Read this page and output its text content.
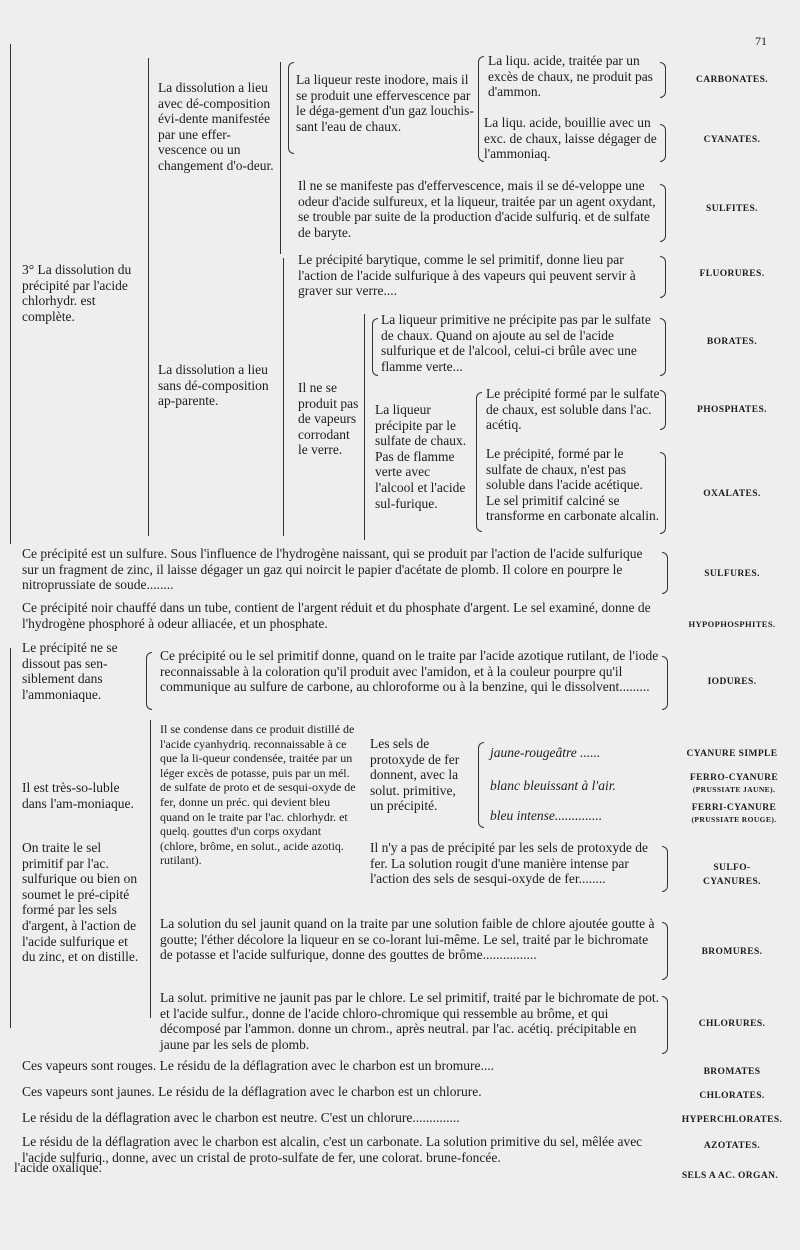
71
La dissolution a lieu avec dé-composition évi-dente manifestée par une effer-vescence ou un changement d'o-deur.
La liqueur reste inodore, mais il se produit une effervescence par le déga-gement d'un gaz louchis-sant l'eau de chaux.
La liqu. acide, traitée par un excès de chaux, ne produit pas d'ammon.
La liqu. acide, bouillie avec un exc. de chaux, laisse dégager de l'ammoniaq.
Il ne se manifeste pas d'effervescence, mais il se dé-veloppe une odeur d'acide sulfureux, et la liqueur, traitée par un agent oxydant, se trouble par suite de la production d'acide sulfuriq. et de sulfate de baryte.
3° La dissolution du précipité par l'acide chlorhydr. est complète.
Le précipité barytique, comme le sel primitif, donne lieu par l'action de l'acide sulfurique à des vapeurs qui peuvent servir à graver sur verre....
La liqueur primitive ne précipite pas par le sulfate de chaux. Quand on ajoute au sel de l'acide sulfurique et de l'alcool, celui-ci brûle avec une flamme verte...
La dissolution a lieu sans dé-composition ap-parente.
Il ne se produit pas de vapeurs corrodant le verre.
La liqueur précipite par le sulfate de chaux. Pas de flamme verte avec l'alcool et l'acide sul-furique.
Le précipité formé par le sulfate de chaux, est soluble dans l'ac. acétiq.
Le précipité, formé par le sulfate de chaux, n'est pas soluble dans l'acide acétique. Le sel primitif calciné se transforme en carbonate alcalin.
Ce précipité est un sulfure. Sous l'influence de l'hydrogène naissant, qui se produit par l'action de l'acide sulfurique sur un fragment de zinc, il laisse dégager un gaz qui noircit le papier d'acétate de plomb. Il colore en pourpre le nitroprussiate de soude........
Ce précipité noir chauffé dans un tube, contient de l'argent réduit et du phosphate d'argent. Le sel examiné, donne de l'hydrogène phosphoré à odeur alliacée, et un phosphate.
Le précipité ne se dissout pas sen-siblement dans l'ammoniaque.
Ce précipité ou le sel primitif donne, quand on le traite par l'acide azotique rutilant, de l'iode reconnaissable à la coloration qu'il produit avec l'amidon, et à la couleur pourpre qu'il communique au sulfure de carbone, au chloroforme ou à la benzine, qui le dissolvent.........
Il est très-so-luble dans l'am-moniaque.
On traite le sel primitif par l'ac. sulfurique ou bien on soumet le pré-cipité formé par les sels d'argent, à l'action de l'acide sulfurique et du zinc, et on distille.
Il se condense dans ce produit distillé de l'acide cyanhydriq. reconnaissable à ce que la li-queur condensée, traitée par un léger excès de potasse, puis par un mél. de sulfate de proto et de sesqui-oxyde de fer, donne un préc. qui devient bleu quand on le traite par l'ac. chlorhydr. et quelq. gouttes d'un corps oxydant (chlore, brôme, en solut., acide azotiq. rutilant).
Les sels de protoxyde de fer donnent, avec la solut. primitive, un précipité.
jaune-rougeâtre ......
blanc bleuissant à l'air.
bleu intense..............
Il n'y a pas de précipité par les sels de protoxyde de fer. La solution rougit d'une manière intense par l'action des sels de sesqui-oxyde de fer........
La solution du sel jaunit quand on la traite par une solution faible de chlore ajoutée goutte à goutte; l'éther décolore la liqueur en se co-lorant lui-même. Le sel, traité par le bichromate de potasse et l'acide sulfurique, donne des gouttes de brôme................
La solut. primitive ne jaunit pas par le chlore. Le sel primitif, traité par le bichromate de pot. et l'acide sulfur., donne de l'acide chloro-chromique qui ressemble au brôme, et qui décomposé par l'ammon. donne un chrom., après neutral. par l'ac. acétiq. précipitable en jaune par les sels de plomb.
Ces vapeurs sont rouges. Le résidu de la déflagration avec le charbon est un bromure....
Ces vapeurs sont jaunes. Le résidu de la déflagration avec le charbon est un chlorure.
Le résidu de la déflagration avec le charbon est neutre. C'est un chlorure..............
Le résidu de la déflagration avec le charbon est alcalin, c'est un carbonate. La solution primitive du sel, mêlée avec l'acide sulfuriq., donne, avec un cristal de proto-sulfate de fer, une colorat. brune-foncée.
l'acide oxalique.
CARBONATES.
CYANATES.
SULFITES.
FLUORURES.
BORATES.
PHOSPHATES.
OXALATES.
SULFURES.
HYPOPHOSPHITES.
IODURES.
CYANURE SIMPLE
FERRO-CYANURE
(PRUSSIATE JAUNE).
FERRI-CYANURE
(PRUSSIATE ROUGE).
SULFO-
CYANURES.
BROMURES.
CHLORURES.
BROMATES
CHLORATES.
HYPERCHLORATES.
AZOTATES.
SELS A AC. ORGAN.
